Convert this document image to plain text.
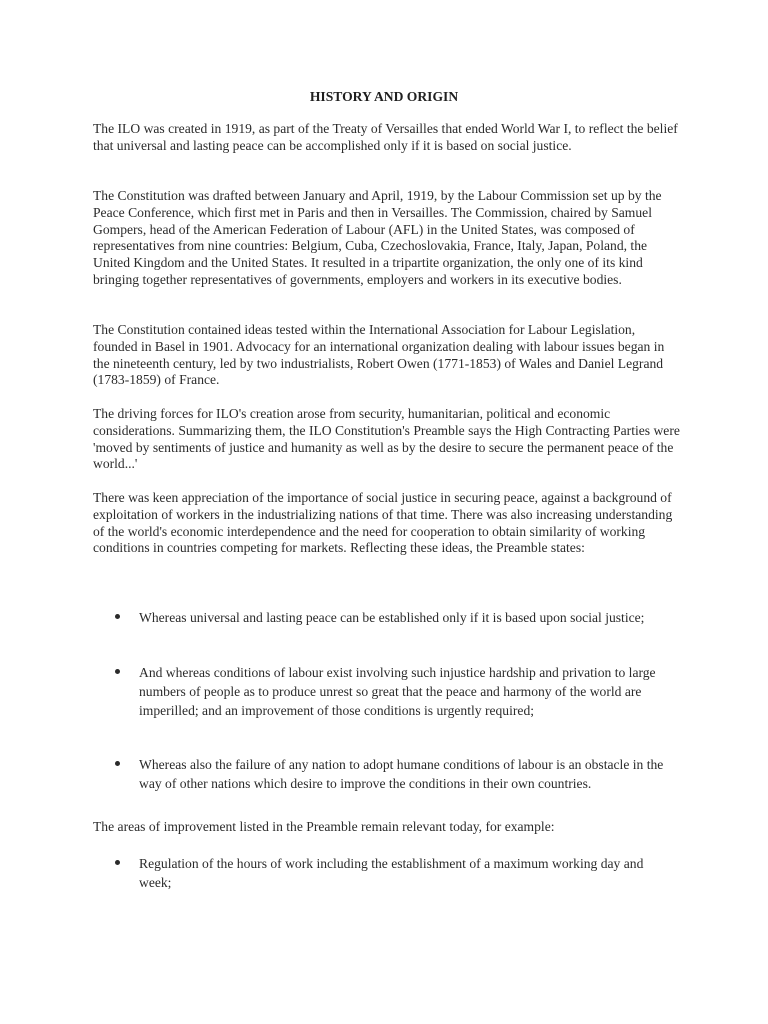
HISTORY AND ORIGIN

The ILO was created in 1919, as part of the Treaty of Versailles that ended World War I, to reflect the belief that universal and lasting peace can be accomplished only if it is based on social justice.

The Constitution was drafted between January and April, 1919, by the Labour Commission set up by the Peace Conference, which first met in Paris and then in Versailles. The Commission, chaired by Samuel Gompers, head of the American Federation of Labour (AFL) in the United States, was composed of representatives from nine countries: Belgium, Cuba, Czechoslovakia, France, Italy, Japan, Poland, the United Kingdom and the United States. It resulted in a tripartite organization, the only one of its kind bringing together representatives of governments, employers and workers in its executive bodies.

The Constitution contained ideas tested within the International Association for Labour Legislation, founded in Basel in 1901. Advocacy for an international organization dealing with labour issues began in the nineteenth century, led by two industrialists, Robert Owen (1771-1853) of Wales and Daniel Legrand (1783-1859) of France.

The driving forces for ILO's creation arose from security, humanitarian, political and economic considerations. Summarizing them, the ILO Constitution's Preamble says the High Contracting Parties were 'moved by sentiments of justice and humanity as well as by the desire to secure the permanent peace of the world...'

There was keen appreciation of the importance of social justice in securing peace, against a background of exploitation of workers in the industrializing nations of that time. There was also increasing understanding of the world's economic interdependence and the need for cooperation to obtain similarity of working conditions in countries competing for markets. Reflecting these ideas, the Preamble states:

Whereas universal and lasting peace can be established only if it is based upon social justice;
And whereas conditions of labour exist involving such injustice hardship and privation to large numbers of people as to produce unrest so great that the peace and harmony of the world are imperilled; and an improvement of those conditions is urgently required;
Whereas also the failure of any nation to adopt humane conditions of labour is an obstacle in the way of other nations which desire to improve the conditions in their own countries.

The areas of improvement listed in the Preamble remain relevant today, for example:

Regulation of the hours of work including the establishment of a maximum working day and week;
